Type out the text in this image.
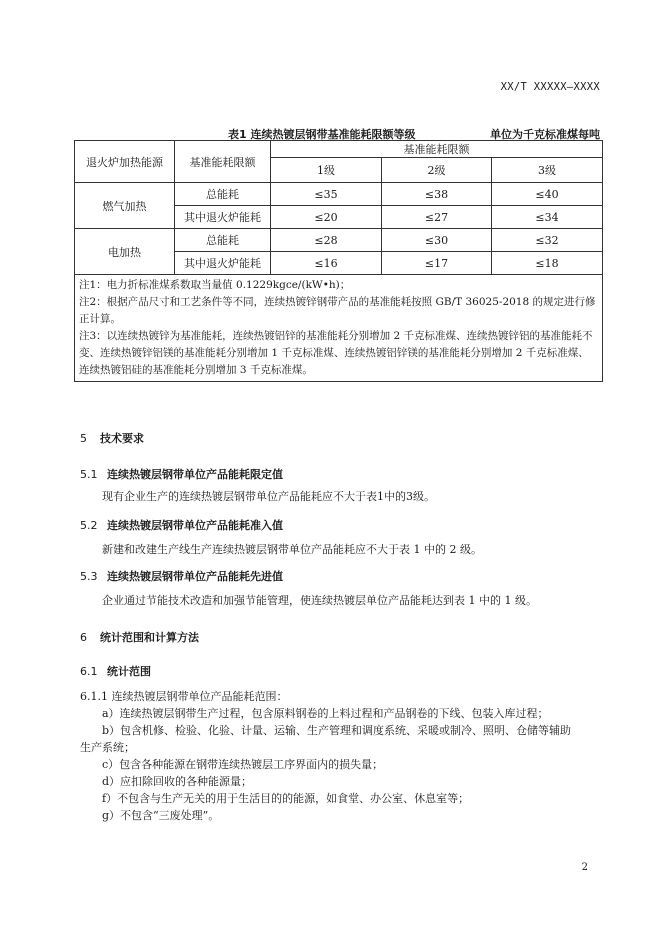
XX/T XXXXX—XXXX
表1 连续热镀层钢带基准能耗限额等级	单位为千克标准煤每吨
退火炉加热能源	基准能耗限额	基准能耗限额		
		1级	2级	3级
燃气加热	总能耗	≤35	≤38	≤40
	其中退火炉能耗	≤20	≤27	≤34
电加热	总能耗	≤28	≤30	≤32
	其中退火炉能耗	≤16	≤17	≤18

注1：电力折标准煤系数取当量值 0.1229kgce/(kW•h)；
注2：根据产品尺寸和工艺条件等不同，连续热镀锌钢带产品的基准能耗按照 GB/T 36025-2018 的规定进行修正计算。
注3：以连续热镀锌为基准能耗，连续热镀铝锌的基准能耗分别增加 2 千克标准煤、连续热镀锌铝的基准能耗不变、连续热镀锌铝镁的基准能耗分别增加 1 千克标准煤、连续热镀铝锌镁的基准能耗分别增加 2 千克标准煤、连续热镀铝硅的基准能耗分别增加 3 千克标准煤。				
5 技术要求
5.1 连续热镀层钢带单位产品能耗限定值
现有企业生产的连续热镀层钢带单位产品能耗应不大于表1中的3级。
5.2 连续热镀层钢带单位产品能耗准入值
新建和改建生产线生产连续热镀层钢带单位产品能耗应不大于表 1 中的 2 级。
5.3 连续热镀层钢带单位产品能耗先进值
企业通过节能技术改造和加强节能管理，使连续热镀层单位产品能耗达到表 1 中的 1 级。
6 统计范围和计算方法
6.1 统计范围
6.1.1 连续热镀层钢带单位产品能耗范围：
a）连续热镀层钢带生产过程，包含原料钢卷的上料过程和产品钢卷的下线、包装入库过程；
b）包含机修、检验、化验、计量、运输、生产管理和调度系统、采暖或制冷、照明、仓储等辅助
生产系统；
c）包含各种能源在钢带连续热镀层工序界面内的损失量；
d）应扣除回收的各种能源量；
f）不包含与生产无关的用于生活目的的能源，如食堂、办公室、休息室等；
g）不包含“三废处理”。
2
